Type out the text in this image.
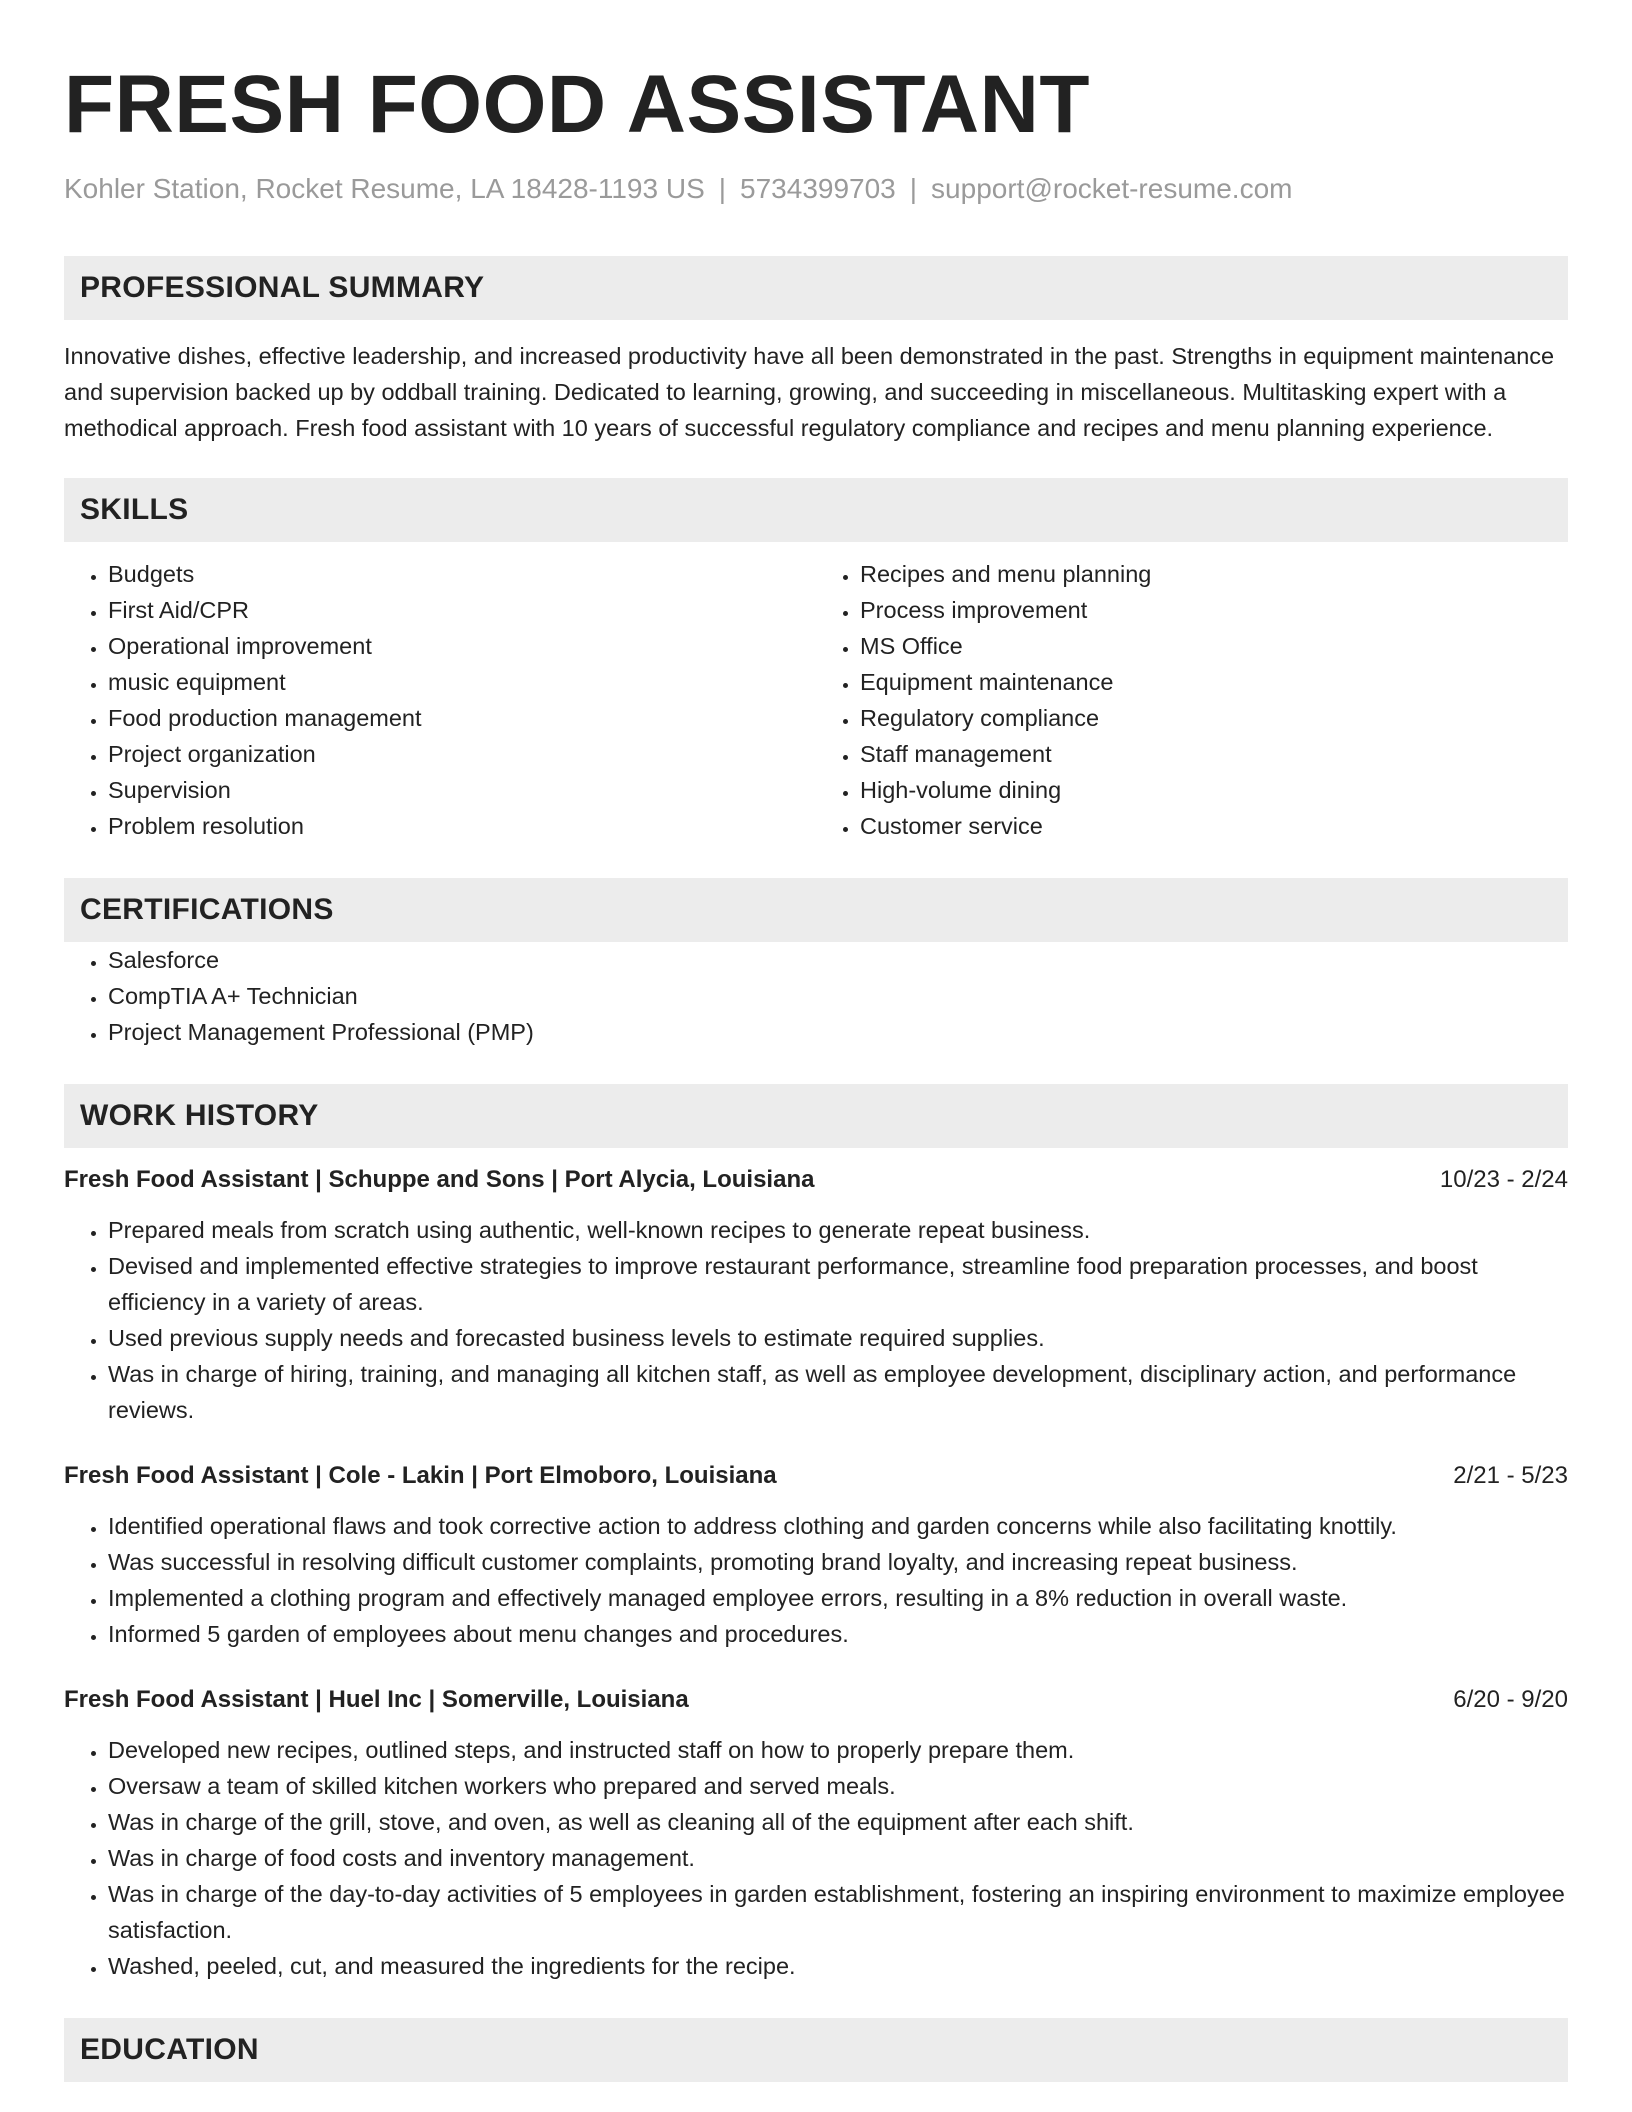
FRESH FOOD ASSISTANT
Kohler Station, Rocket Resume, LA 18428-1193 US | 5734399703 | support@rocket-resume.com
PROFESSIONAL SUMMARY

Innovative dishes, effective leadership, and increased productivity have all been demonstrated in the past. Strengths in equipment maintenance and supervision backed up by oddball training. Dedicated to learning, growing, and succeeding in miscellaneous. Multitasking expert with a methodical approach. Fresh food assistant with 10 years of successful regulatory compliance and recipes and menu planning experience.

SKILLS
• Budgets
• First Aid/CPR
• Operational improvement
• music equipment
• Food production management
• Project organization
• Supervision
• Problem resolution
• Recipes and menu planning
• Process improvement
• MS Office
• Equipment maintenance
• Regulatory compliance
• Staff management
• High-volume dining
• Customer service
CERTIFICATIONS
• Salesforce
• CompTIA A+ Technician
• Project Management Professional (PMP)
WORK HISTORY
Fresh Food Assistant | Schuppe and Sons | Port Alycia, Louisiana	10/23 - 2/24
• Prepared meals from scratch using authentic, well-known recipes to generate repeat business.
• Devised and implemented effective strategies to improve restaurant performance, streamline food preparation processes, and boost efficiency in a variety of areas.
• Used previous supply needs and forecasted business levels to estimate required supplies.
• Was in charge of hiring, training, and managing all kitchen staff, as well as employee development, disciplinary action, and performance reviews.
Fresh Food Assistant | Cole - Lakin | Port Elmoboro, Louisiana	2/21 - 5/23
• Identified operational flaws and took corrective action to address clothing and garden concerns while also facilitating knottily.
• Was successful in resolving difficult customer complaints, promoting brand loyalty, and increasing repeat business.
• Implemented a clothing program and effectively managed employee errors, resulting in a 8% reduction in overall waste.
• Informed 5 garden of employees about menu changes and procedures.
Fresh Food Assistant | Huel Inc | Somerville, Louisiana	6/20 - 9/20
• Developed new recipes, outlined steps, and instructed staff on how to properly prepare them.
• Oversaw a team of skilled kitchen workers who prepared and served meals.
• Was in charge of the grill, stove, and oven, as well as cleaning all of the equipment after each shift.
• Was in charge of food costs and inventory management.
• Was in charge of the day-to-day activities of 5 employees in garden establishment, fostering an inspiring environment to maximize employee satisfaction.
• Washed, peeled, cut, and measured the ingredients for the recipe.
EDUCATION
